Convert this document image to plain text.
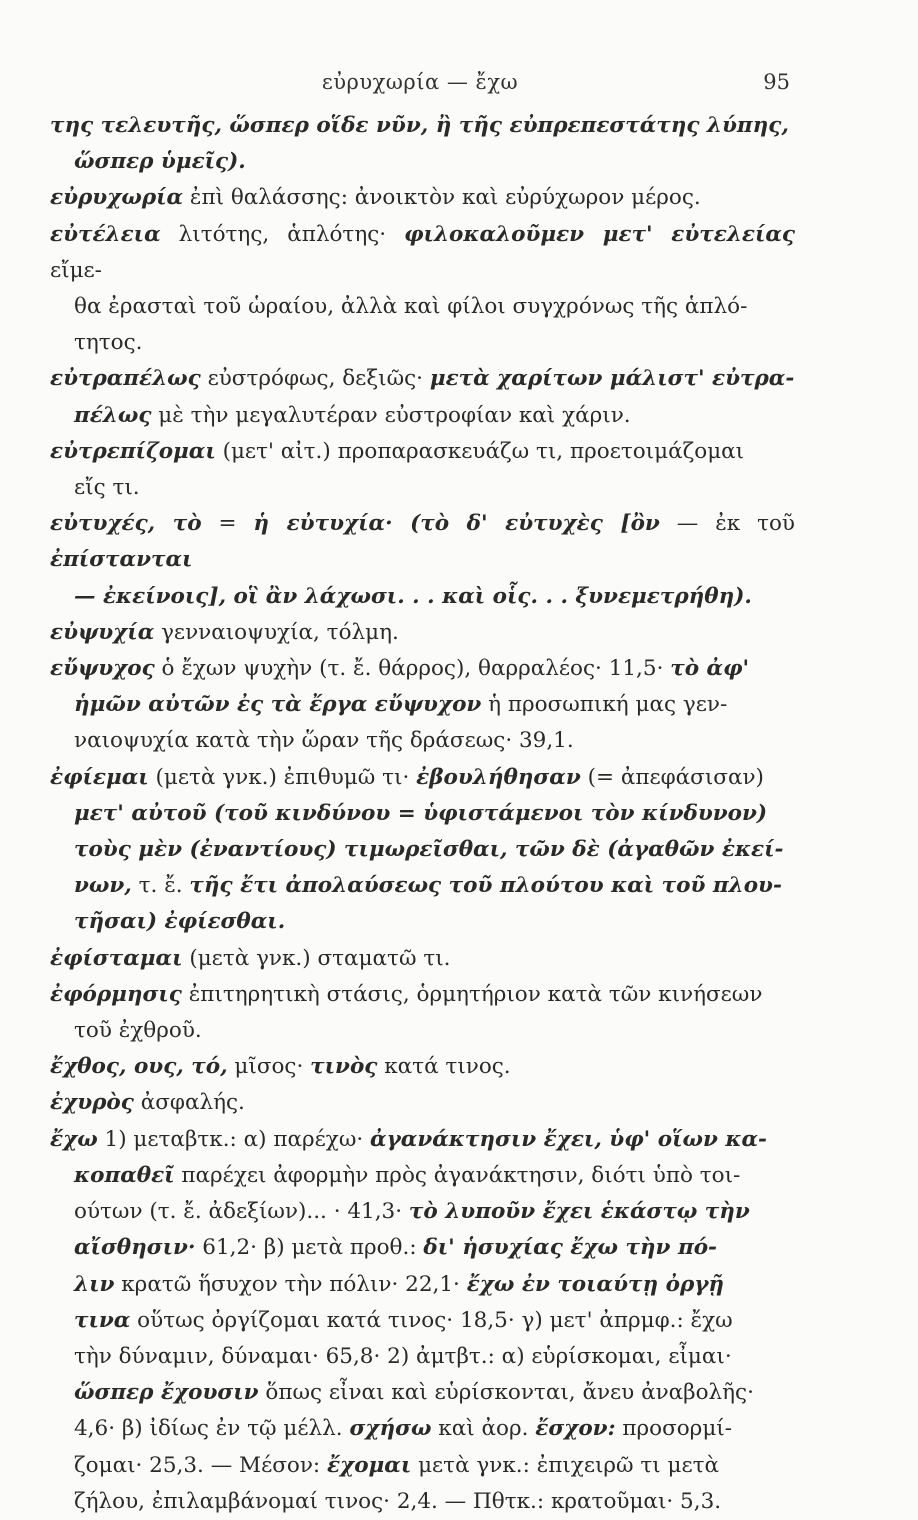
εὐρυχωρία — ἔχω	95
της τελευτῆς, ὥσπερ οἵδε νῦν, ἢ τῆς εὐπρεπεστάτης λύπης,
ὥσπερ ὑμεῖς).
εὐρυχωρία ἐπὶ θαλάσσης: ἀνοικτὸν καὶ εὐρύχωρον μέρος.
εὐτέλεια λιτότης, ἁπλότης· φιλοκαλοῦμεν μετ' εὐτελείας εἴμε-
θα ἐρασταὶ τοῦ ὡραίου, ἀλλὰ καὶ φίλοι συγχρόνως τῆς ἁπλό-
τητος.
εὐτραπέλως εὐστρόφως, δεξιῶς· μετὰ χαρίτων μάλιστ' εὐτρα-
πέλως μὲ τὴν μεγαλυτέραν εὐστροφίαν καὶ χάριν.
εὐτρεπίζομαι (μετ' αἰτ.) προπαρασκευάζω τι, προετοιμάζομαι
εἴς τι.
εὐτυχές, τὸ = ἡ εὐτυχία· (τὸ δ' εὐτυχὲς [ὂν — ἐκ τοῦ ἐπίστανται
— ἐκείνοις], οἳ ἂν λάχωσι. . . καὶ οἷς. . . ξυνεμετρήθη).
εὐψυχία γενναιοψυχία, τόλμη.
εὔψυχος ὁ ἔχων ψυχὴν (τ. ἔ. θάρρος), θαρραλέος· 11,5· τὸ ἀφ'
ἡμῶν αὐτῶν ἐς τὰ ἔργα εὔψυχον ἡ προσωπική μας γεν-
ναιοψυχία κατὰ τὴν ὥραν τῆς δράσεως· 39,1.
ἐφίεμαι (μετὰ γνκ.) ἐπιθυμῶ τι· ἐβουλήθησαν (= ἀπεφάσισαν)
μετ' αὐτοῦ (τοῦ κινδύνου = ὑφιστάμενοι τὸν κίνδυνον)
τοὺς μὲν (ἐναντίους) τιμωρεῖσθαι, τῶν δὲ (ἀγαθῶν ἐκεί-
νων, τ. ἔ. τῆς ἔτι ἀπολαύσεως τοῦ πλούτου καὶ τοῦ πλου-
τῆσαι) ἐφίεσθαι.
ἐφίσταμαι (μετὰ γνκ.) σταματῶ τι.
ἐφόρμησις ἐπιτηρητικὴ στάσις, ὁρμητήριον κατὰ τῶν κινήσεων
τοῦ ἐχθροῦ.
ἔχθος, ους, τό, μῖσος· τινὸς κατά τινος.
ἐχυρὸς ἀσφαλής.
ἔχω 1) μεταβτκ.: α) παρέχω· ἀγανάκτησιν ἔχει, ὑφ' οἵων κα-
κοπαθεῖ παρέχει ἀφορμὴν πρὸς ἀγανάκτησιν, διότι ὑπὸ τοι-
ούτων (τ. ἔ. ἀδεξίων)... · 41,3· τὸ λυποῦν ἔχει ἑκάστῳ τὴν
αἴσθησιν· 61,2· β) μετὰ προθ.: δι' ἡσυχίας ἔχω τὴν πό-
λιν κρατῶ ἥσυχον τὴν πόλιν· 22,1· ἔχω ἐν τοιαύτῃ ὀργῇ
τινα οὕτως ὀργίζομαι κατά τινος· 18,5· γ) μετ' ἀπρμφ.: ἔχω
τὴν δύναμιν, δύναμαι· 65,8· 2) ἀμτβτ.: α) εὑρίσκομαι, εἶμαι·
ὥσπερ ἔχουσιν ὅπως εἶναι καὶ εὑρίσκονται, ἄνευ ἀναβολῆς·
4,6· β) ἰδίως ἐν τῷ μέλλ. σχήσω καὶ ἀορ. ἔσχον: προσορμί-
ζομαι· 25,3. — Μέσον: ἔχομαι μετὰ γνκ.: ἐπιχειρῶ τι μετὰ
ζήλου, ἐπιλαμβάνομαί τινος· 2,4. — Πθτκ.: κρατοῦμαι· 5,3.
